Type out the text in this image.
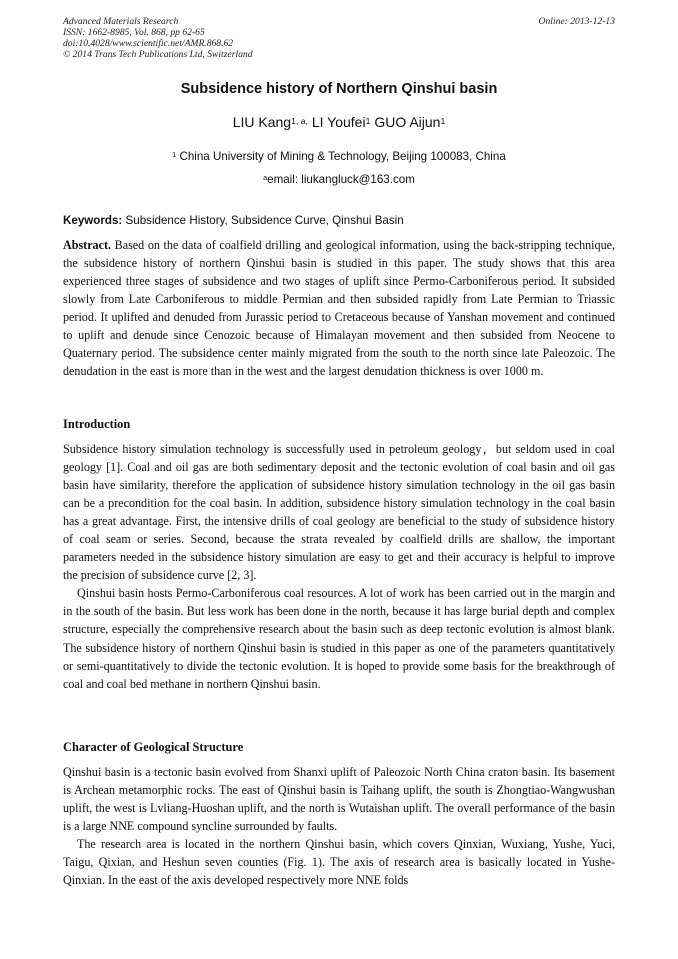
Advanced Materials Research
ISSN: 1662-8985, Vol. 868, pp 62-65
doi:10.4028/www.scientific.net/AMR.868.62
© 2014 Trans Tech Publications Ltd, Switzerland
Online: 2013-12-13
Subsidence history of Northern Qinshui basin
LIU Kang$^{1, a,}$ LI Youfei$^1$ GUO Aijun$^1$
$^1$ China University of Mining & Technology, Beijing 100083, China
$^a$email: liukangluck@163.com
Keywords: Subsidence History, Subsidence Curve, Qinshui Basin

Abstract. Based on the data of coalfield drilling and geological information, using the back-stripping technique, the subsidence history of northern Qinshui basin is studied in this paper. The study shows that this area experienced three stages of subsidence and two stages of uplift since Permo-Carboniferous period. It subsided slowly from Late Carboniferous to middle Permian and then subsided rapidly from Late Permian to Triassic period. It uplifted and denuded from Jurassic period to Cretaceous because of Yanshan movement and continued to uplift and denude since Cenozoic because of Himalayan movement and then subsided from Neocene to Quaternary period. The subsidence center mainly migrated from the south to the north since late Paleozoic. The denudation in the east is more than in the west and the largest denudation thickness is over 1000 m.

Introduction

Subsidence history simulation technology is successfully used in petroleum geology，but seldom used in coal geology [1]. Coal and oil gas are both sedimentary deposit and the tectonic evolution of coal basin and oil gas basin have similarity, therefore the application of subsidence history simulation technology in the oil gas basin can be a precondition for the coal basin. In addition, subsidence history simulation technology in the coal basin has a great advantage. First, the intensive drills of coal geology are beneficial to the study of subsidence history of coal seam or series. Second, because the strata revealed by coalfield drills are shallow, the important parameters needed in the subsidence history simulation are easy to get and their accuracy is helpful to improve the precision of subsidence curve [2, 3].

Qinshui basin hosts Permo-Carboniferous coal resources. A lot of work has been carried out in the margin and in the south of the basin. But less work has been done in the north, because it has large burial depth and complex structure, especially the comprehensive research about the basin such as deep tectonic evolution is almost blank. The subsidence history of northern Qinshui basin is studied in this paper as one of the parameters quantitatively or semi-quantitatively to divide the tectonic evolution. It is hoped to provide some basis for the breakthrough of coal and coal bed methane in northern Qinshui basin.

Character of Geological Structure

Qinshui basin is a tectonic basin evolved from Shanxi uplift of Paleozoic North China craton basin. Its basement is Archean metamorphic rocks. The east of Qinshui basin is Taihang uplift, the south is Zhongtiao-Wangwushan uplift, the west is Lvliang-Huoshan uplift, and the north is Wutaishan uplift. The overall performance of the basin is a large NNE compound syncline surrounded by faults.

The research area is located in the northern Qinshui basin, which covers Qinxian, Wuxiang, Yushe, Yuci, Taigu, Qixian, and Heshun seven counties (Fig. 1). The axis of research area is basically located in Yushe-Qinxian. In the east of the axis developed respectively more NNE folds
